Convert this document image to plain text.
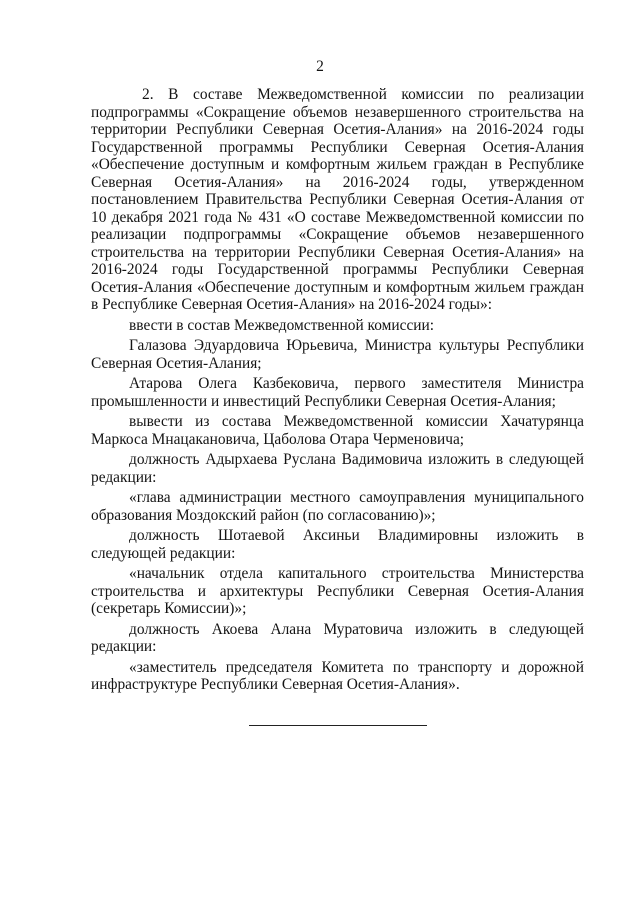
2

2. В составе Межведомственной комиссии по реализации подпрограммы «Сокращение объемов незавершенного строительства на территории Республики Северная Осетия-Алания» на 2016-2024 годы Государственной программы Республики Северная Осетия-Алания «Обеспечение доступным и комфортным жильем граждан в Республике Северная Осетия-Алания» на 2016-2024 годы, утвержденном постановлением Правительства Республики Северная Осетия-Алания от 10 декабря 2021 года № 431 «О составе Межведомственной комиссии по реализации подпрограммы «Сокращение объемов незавершенного строительства на территории Республики Северная Осетия-Алания» на 2016-2024 годы Государственной программы Республики Северная Осетия-Алания «Обеспечение доступным и комфортным жильем граждан в Республике Северная Осетия-Алания» на 2016-2024 годы»:

ввести в состав Межведомственной комиссии:

Галазова Эдуардовича Юрьевича, Министра культуры Республики Северная Осетия-Алания;

Атарова Олега Казбековича, первого заместителя Министра промышленности и инвестиций Республики Северная Осетия-Алания;

вывести из состава Межведомственной комиссии Хачатурянца Маркоса Мнацакановича, Цаболова Отара Черменовича;

должность Адырхаева Руслана Вадимовича изложить в следующей редакции:

«глава администрации местного самоуправления муниципального образования Моздокский район (по согласованию)»;

должность Шотаевой Аксиньи Владимировны изложить в следующей редакции:

«начальник отдела капитального строительства Министерства строительства и архитектуры Республики Северная Осетия-Алания (секретарь Комиссии)»;

должность Акоева Алана Муратовича изложить в следующей редакции:

«заместитель председателя Комитета по транспорту и дорожной инфраструктуре Республики Северная Осетия-Алания».
